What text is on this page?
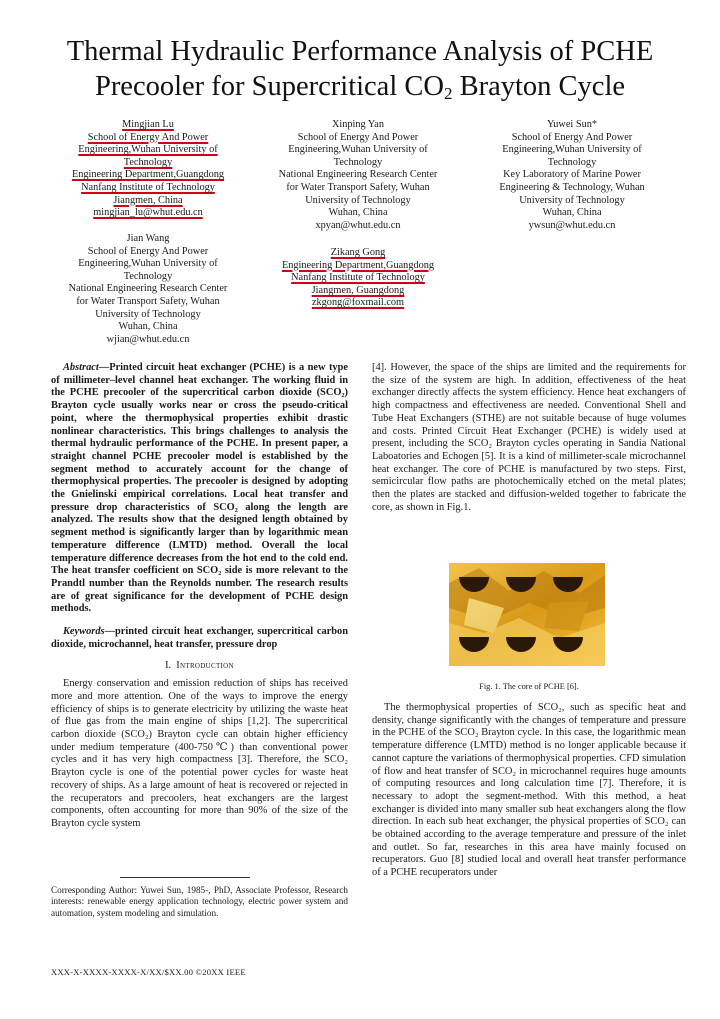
Thermal Hydraulic Performance Analysis of PCHE
Precooler for Supercritical $CO_2$ Brayton Cycle
Mingjian Lu
School of Energy And Power
Engineering,Wuhan University of
Technology
Engineering Department,Guangdong
Nanfang Institute of Technology
Jiangmen, China
mingjian_lu@whut.edu.cn
Xinping Yan
School of Energy And Power
Engineering,Wuhan University of
Technology
National Engineering Research Center
for Water Transport Safety, Wuhan
University of Technology
Wuhan, China
xpyan@whut.edu.cn
Yuwei Sun*
School of Energy And Power
Engineering,Wuhan University of
Technology
Key Laboratory of Marine Power
Engineering & Technology, Wuhan
University of Technology
Wuhan, China
ywsun@whut.edu.cn
Jian Wang
School of Energy And Power
Engineering,Wuhan University of
Technology
National Engineering Research Center
for Water Transport Safety, Wuhan
University of Technology
Wuhan, China
wjian@whut.edu.cn
Zikang Gong
Engineering Department,Guangdong
Nanfang Institute of Technology
Jiangmen, Guangdong
zkgong@foxmail.com

Abstract—Printed circuit heat exchanger (PCHE) is a new type of millimeter–level channel heat exchanger. The working fluid in the PCHE precooler of the supercritical carbon dioxide (SCO₂) Brayton cycle usually works near or cross the pseudo-critical point, where the thermophysical properties exhibit drastic nonlinear characteristics. This brings challenges to analysis the thermal hydraulic performance of the PCHE. In present paper, a straight channel PCHE precooler model is established by the segment method to accurately account for the change of thermophysical properties. The precooler is designed by adopting the Gnielinski empirical correlations. Local heat transfer and pressure drop characteristics of SCO₂ along the length are analyzed. The results show that the designed length obtained by segment method is significantly larger than by logarithmic mean temperature difference (LMTD) method. Overall the local temperature difference decreases from the hot end to the cold end. The heat transfer coefficient on SCO₂ side is more relevant to the Prandtl number than the Reynolds number. The research results are of great significance for the development of PCHE design methods.

Keywords—printed circuit heat exchanger, supercritical carbon dioxide, microchannel, heat transfer, pressure drop

I. Introduction

Energy conservation and emission reduction of ships has received more and more attention. One of the ways to improve the energy efficiency of ships is to generate electricity by utilizing the waste heat of flue gas from the main engine of ships [1,2]. The supercritical carbon dioxide (SCO₂) Brayton cycle can obtain higher efficiency under medium temperature (400-750℃) than conventional power cycles and it has very high compactness [3]. Therefore, the SCO₂ Brayton cycle is one of the potential power cycles for waste heat recovery of ships. As a large amount of heat is recovered or rejected in the recuperators and precoolers, heat exchangers are the largest components, often accounting for more than 90% of the size of the Brayton cycle system

Corresponding Author: Yuwei Sun, 1985-, PhD, Associate Professor, Research interests: renewable energy application technology, electric power system and automation, system modeling and simulation.

[4]. However, the space of the ships are limited and the requirements for the size of the system are high. In addition, effectiveness of the heat exchanger directly affects the system efficiency. Hence heat exchangers of high compactness and effectiveness are needed. Conventional Shell and Tube Heat Exchangers (STHE) are not suitable because of huge volumes and costs. Printed Circuit Heat Exchanger (PCHE) is widely used at present, including the SCO₂ Brayton cycles operating in Sandia National Laboatories and Echogen [5]. It is a kind of millimeter-scale microchannel heat exchanger. The core of PCHE is manufactured by two steps. First, semicircular flow paths are photochemically etched on the metal plates; then the plates are stacked and diffusion-welded together to fabricate the core, as shown in Fig.1.

Fig. 1. The core of PCHE [6].

The thermophysical properties of SCO₂, such as specific heat and density, change significantly with the changes of temperature and pressure in the PCHE of the SCO₂ Brayton cycle. In this case, the logarithmic mean temperature difference (LMTD) method is no longer applicable because it cannot capture the variations of thermophysical properties. CFD simulation of flow and heat transfer of SCO₂ in microchannel requires huge amounts of computing resources and long calculation time [7]. Therefore, it is necessary to adopt the segment-method. With this method, a heat exchanger is divided into many smaller sub heat exchangers along the flow direction. In each sub heat exchanger, the physical properties of SCO₂ can be obtained according to the average temperature and pressure of the inlet and outlet. So far, researches in this area have mainly focused on recuperators. Guo [8] studied local and overall heat transfer performance of a PCHE recuperators under

XXX-X-XXXX-XXXX-X/XX/$XX.00 ©20XX IEEE
